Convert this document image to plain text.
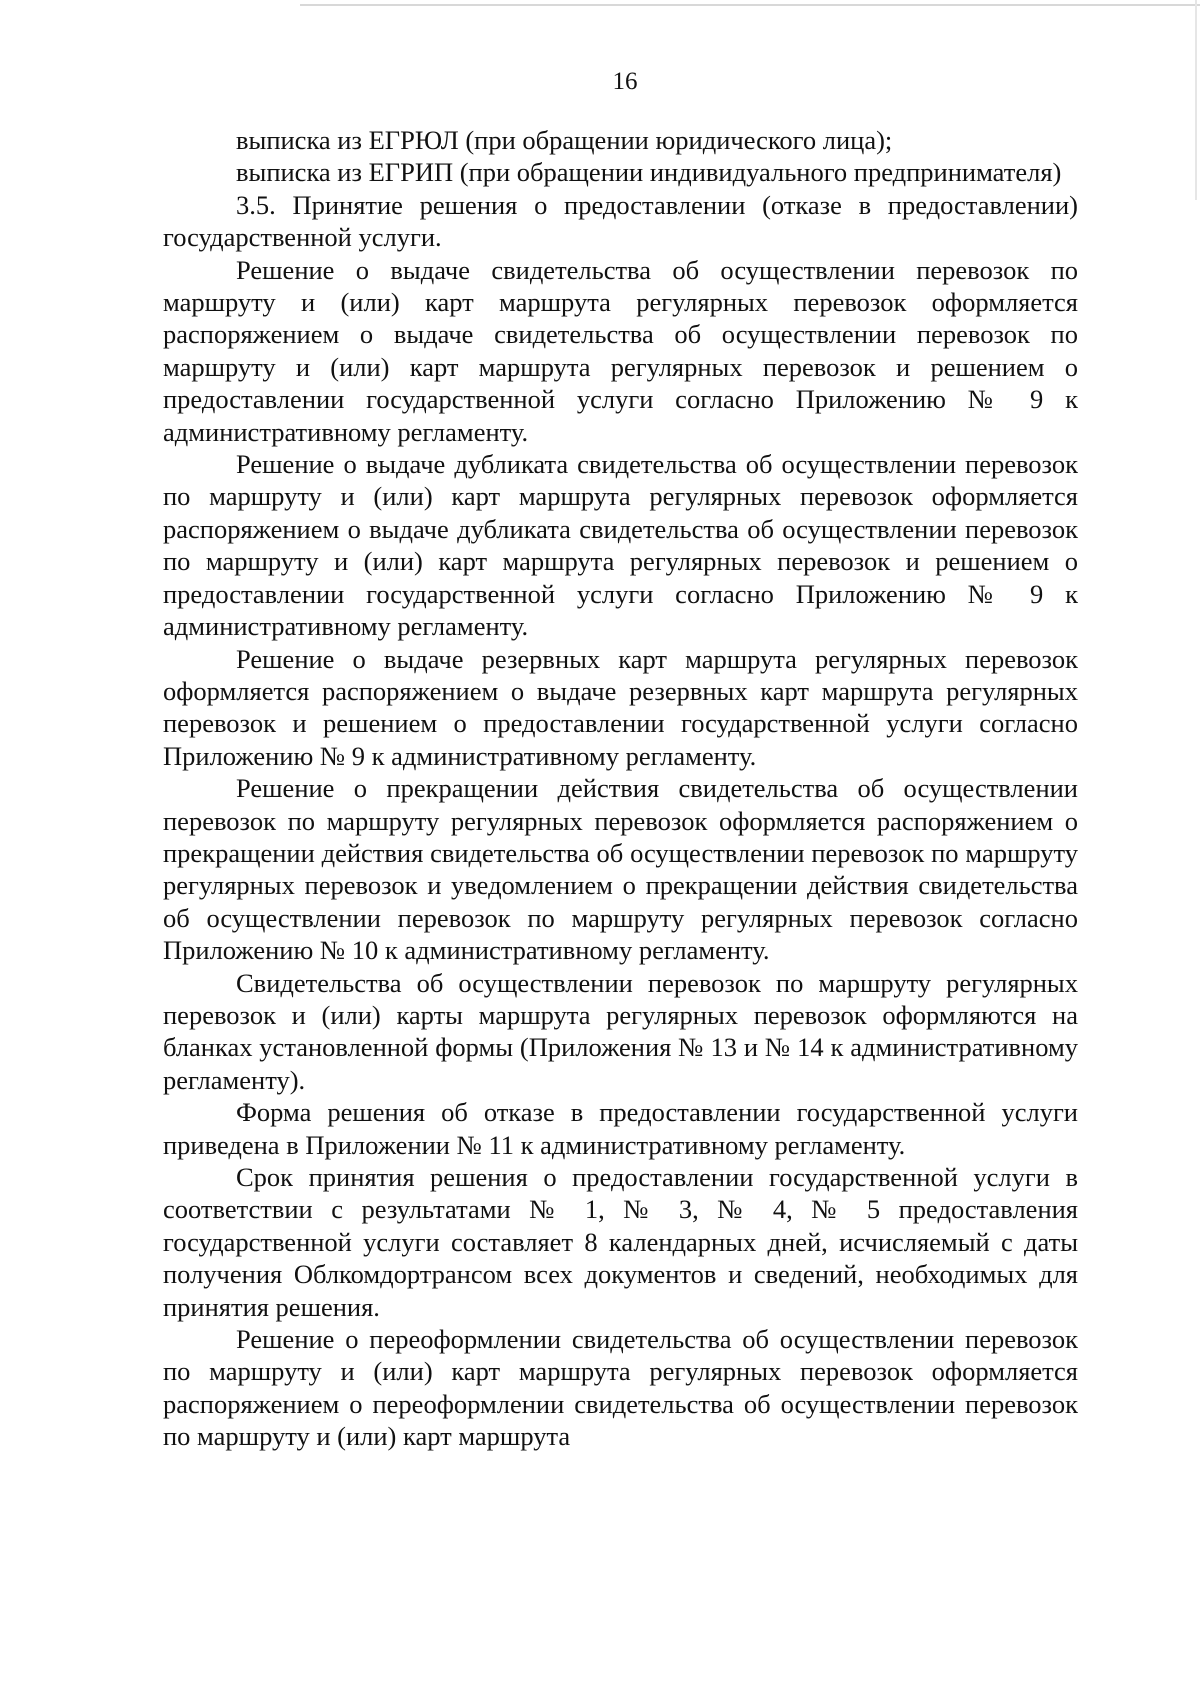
16

выписка из ЕГРЮЛ (при обращении юридического лица);

выписка из ЕГРИП (при обращении индивидуального предпринимателя)

3.5. Принятие решения о предоставлении (отказе в предоставлении) государственной услуги.

Решение о выдаче свидетельства об осуществлении перевозок по маршруту и (или) карт маршрута регулярных перевозок оформляется распоряжением о выдаче свидетельства об осуществлении перевозок по маршруту и (или) карт маршрута регулярных перевозок и решением о предоставлении государственной услуги согласно Приложению № 9 к административному регламенту.

Решение о выдаче дубликата свидетельства об осуществлении перевозок по маршруту и (или) карт маршрута регулярных перевозок оформляется распоряжением о выдаче дубликата свидетельства об осуществлении перевозок по маршруту и (или) карт маршрута регулярных перевозок и решением о предоставлении государственной услуги согласно Приложению № 9 к административному регламенту.

Решение о выдаче резервных карт маршрута регулярных перевозок оформляется распоряжением о выдаче резервных карт маршрута регулярных перевозок и решением о предоставлении государственной услуги согласно Приложению № 9 к административному регламенту.

Решение о прекращении действия свидетельства об осуществлении перевозок по маршруту регулярных перевозок оформляется распоряжением о прекращении действия свидетельства об осуществлении перевозок по маршруту регулярных перевозок и уведомлением о прекращении действия свидетельства об осуществлении перевозок по маршруту регулярных перевозок согласно Приложению № 10 к административному регламенту.

Свидетельства об осуществлении перевозок по маршруту регулярных перевозок и (или) карты маршрута регулярных перевозок оформляются на бланках установленной формы (Приложения № 13 и № 14 к административному регламенту).

Форма решения об отказе в предоставлении государственной услуги приведена в Приложении № 11 к административному регламенту.

Срок принятия решения о предоставлении государственной услуги в соответствии с результатами № 1, № 3, № 4, № 5 предоставления государственной услуги составляет 8 календарных дней, исчисляемый с даты получения Облкомдортрансом всех документов и сведений, необходимых для принятия решения.

Решение о переоформлении свидетельства об осуществлении перевозок по маршруту и (или) карт маршрута регулярных перевозок оформляется распоряжением о переоформлении свидетельства об осуществлении перевозок по маршруту и (или) карт маршрута
